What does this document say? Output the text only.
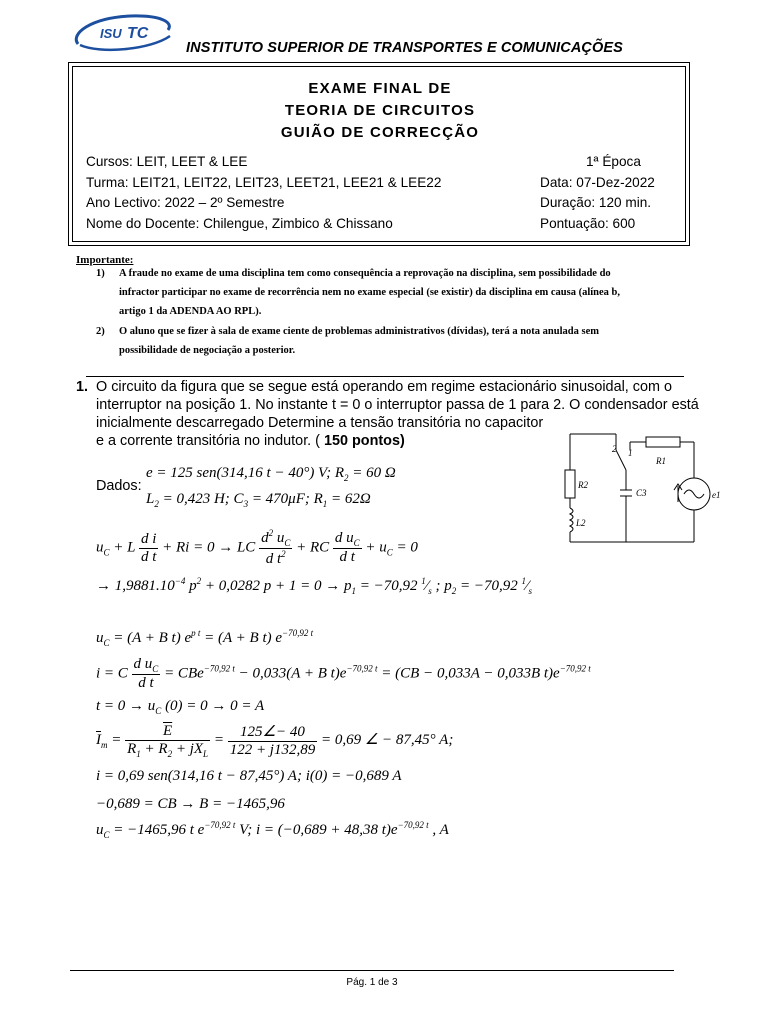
ISU TC
INSTITUTO SUPERIOR DE TRANSPORTES E COMUNICAÇÕES
EXAME FINAL DE
TEORIA DE CIRCUITOS
GUIÃO DE CORRECÇÃO
Cursos: LEIT, LEET & LEE
Turma: LEIT21, LEIT22, LEIT23, LEET21, LEE21 & LEE22
Ano Lectivo: 2022 – 2º Semestre
Nome do Docente: Chilengue, Zimbico & Chissano
1ª Época
Data: 07-Dez-2022
Duração: 120 min.
Pontuação: 600
Importante:
1) A fraude no exame de uma disciplina tem como consequência a reprovação na disciplina, sem possibilidade do
infractor participar no exame de recorrência nem no exame especial (se existir) da disciplina em causa (alínea b,
artigo 1 da ADENDA AO RPL).
2) O aluno que se fizer à sala de exame ciente de problemas administrativos (dívidas), terá a nota anulada sem
possibilidade de negociação a posterior.
1. O circuito da figura que se segue está operando em regime estacionário sinusoidal, com o
interruptor na posição 1. No instante t = 0 o interruptor passa de 1 para 2. O condensador está
inicialmente descarregado Determine a tensão transitória no capacitor
e a corrente transitória no indutor. ( 150 pontos)
Dados:
e = 125 sen(314,16 t − 40°) V; $R_2 = 60$ Ω
$L_2 = 0,423$ H; $C_3 = 470\mu F$; $R_1 = 62\Omega$
$u_C + L \frac{\text{d i}}{\text{d t}} + Ri = 0$ → LC $\frac{d^2 u_C}{d t^2}$ + RC $\frac{d u_C}{\text{d t}} + u_C = 0$
→ $1,9881.10^{-4}$ $p^2 + 0,0282$ $p + 1 = 0 \to p_1 = -70,92$ $^1⁄_s$ ; $p_2 = -70,92$ $^1⁄_s$
$u_C = (A + B$ t) $e^{p t} = (A + B$ t) $e^{-70,92 t}$
i = C $\frac{d u_C}{\text{d t}} = CBe^{-70,92 t} - 0,033(A + B$ $t)e^{-70,92 t} = (CB - 0,033A - 0,033B$ $t)e^{-70,92 t}$
$t = 0 \to u_C$ (0) = 0 → 0 = A
$\overline{I}_m = \frac{\overline{E}}{R_1 + R_2 + jX_L} = \frac{125\angle- 40}{122 + j132,89} = 0,69$ ∠ − 87,45° A;
i = 0,69 sen(314,16 t − 87,45°) A; i(0) = −0,689 A
−0,689 = CB → B = −1465,96
$u_C = -1465,96$ t $e^{-70,92 t}$ V; i = (−0,689 + 48,38 $t)e^{-70,92 t}$ , A
2 1
R1
R2
L2
C3	e1
Pág. 1 de 3
